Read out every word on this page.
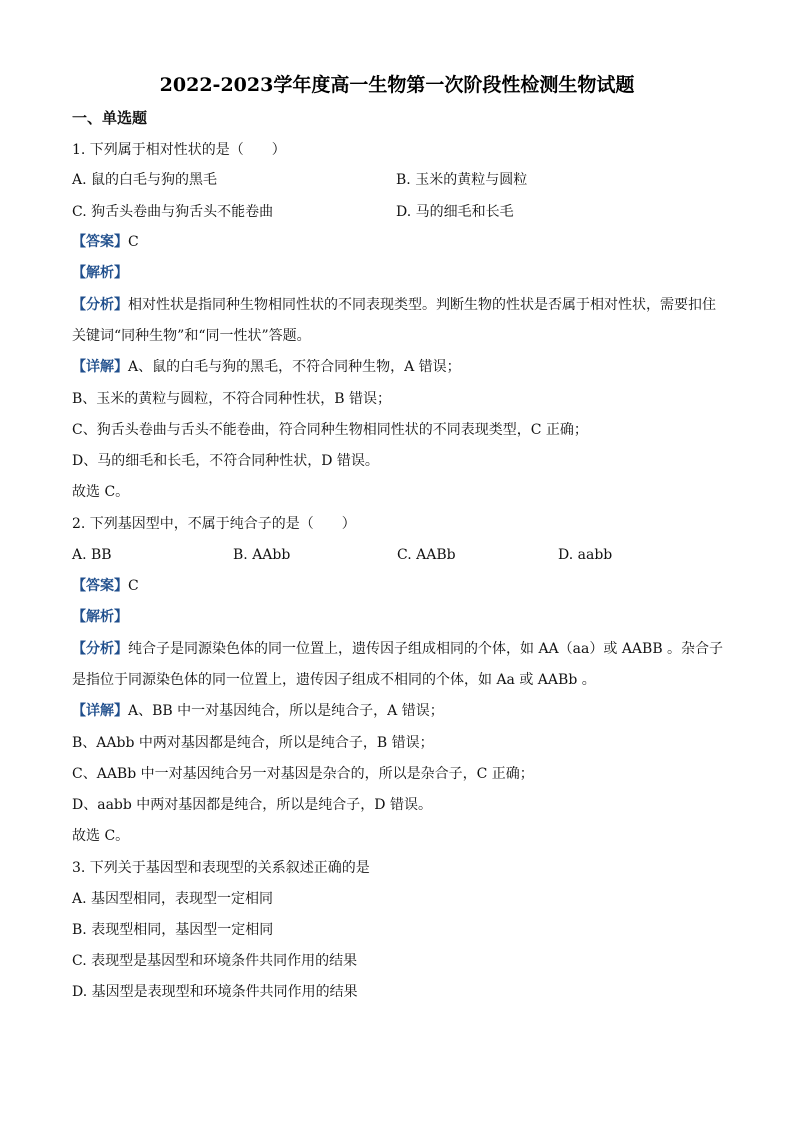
2022-2023学年度高一生物第一次阶段性检测生物试题
一、单选题
1. 下列属于相对性状的是（　　）
A. 鼠的白毛与狗的黑毛	B. 玉米的黄粒与圆粒
C. 狗舌头卷曲与狗舌头不能卷曲	D. 马的细毛和长毛
【答案】C
【解析】
【分析】相对性状是指同种生物相同性状的不同表现类型。判断生物的性状是否属于相对性状，需要扣住关键词“同种生物”和“同一性状”答题。
【详解】A、鼠的白毛与狗的黑毛，不符合同种生物，A 错误；
B、玉米的黄粒与圆粒，不符合同种性状，B 错误；
C、狗舌头卷曲与舌头不能卷曲，符合同种生物相同性状的不同表现类型，C 正确；
D、马的细毛和长毛，不符合同种性状，D 错误。
故选 C。
2. 下列基因型中，不属于纯合子的是（　　）
A. BB	B. AAbb	C. AABb	D. aabb
【答案】C
【解析】
【分析】纯合子是同源染色体的同一位置上，遗传因子组成相同的个体，如 AA（aa）或 AABB 。杂合子是指位于同源染色体的同一位置上，遗传因子组成不相同的个体，如 Aa 或 AABb 。
【详解】A、BB 中一对基因纯合，所以是纯合子，A 错误；
B、AAbb 中两对基因都是纯合，所以是纯合子，B 错误；
C、AABb 中一对基因纯合另一对基因是杂合的，所以是杂合子，C 正确；
D、aabb 中两对基因都是纯合，所以是纯合子，D 错误。
故选 C。
3. 下列关于基因型和表现型的关系叙述正确的是
A. 基因型相同，表现型一定相同
B. 表现型相同，基因型一定相同
C. 表现型是基因型和环境条件共同作用的结果
D. 基因型是表现型和环境条件共同作用的结果
